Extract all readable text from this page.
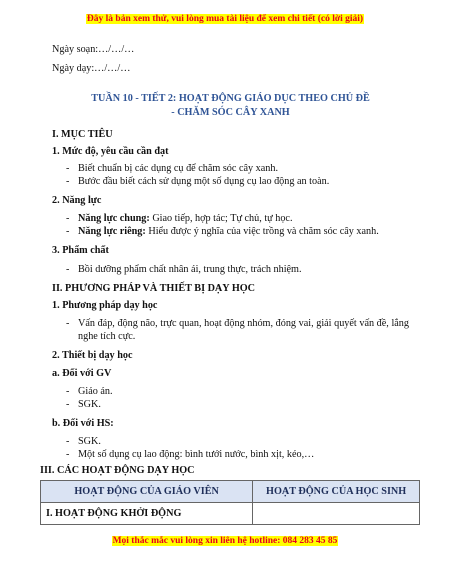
Đây là bản xem thử, vui lòng mua tài liệu để xem chi tiết (có lời giải)

Ngày soạn:…/…/…

Ngày dạy:…/…/…

TUẦN 10 - TIẾT 2: HOẠT ĐỘNG GIÁO DỤC THEO CHỦ ĐỀ
- CHĂM SÓC CÂY XANH

I. MỤC TIÊU

1. Mức độ, yêu cầu cần đạt

- Biết chuẩn bị các dụng cụ để chăm sóc cây xanh.
- Bước đầu biết cách sử dụng một số dụng cụ lao động an toàn.

2. Năng lực

- Năng lực chung: Giao tiếp, hợp tác; Tự chủ, tự học.
- Năng lực riêng: Hiểu được ý nghĩa của việc trồng và chăm sóc cây xanh.

3. Phẩm chất

- Bồi dưỡng phẩm chất nhân ái, trung thực, trách nhiệm.

II. PHƯƠNG PHÁP VÀ THIẾT BỊ DẠY HỌC

1. Phương pháp dạy học

- Vấn đáp, động não, trực quan, hoạt động nhóm, đóng vai, giải quyết vấn đề, lắng nghe tích cực.

2. Thiết bị dạy học

a. Đối với GV

- Giáo án.
- SGK.

b. Đối với HS:

- SGK.
- Một số dụng cụ lao động: bình tưới nước, bình xịt, kéo,…

III. CÁC HOẠT ĐỘNG DẠY HỌC

HOẠT ĐỘNG CỦA GIÁO VIÊN	HOẠT ĐỘNG CỦA HỌC SINH
I. HOẠT ĐỘNG KHỞI ĐỘNG	
Mọi thắc mắc vui lòng xin liên hệ hotline: 084 283 45 85
